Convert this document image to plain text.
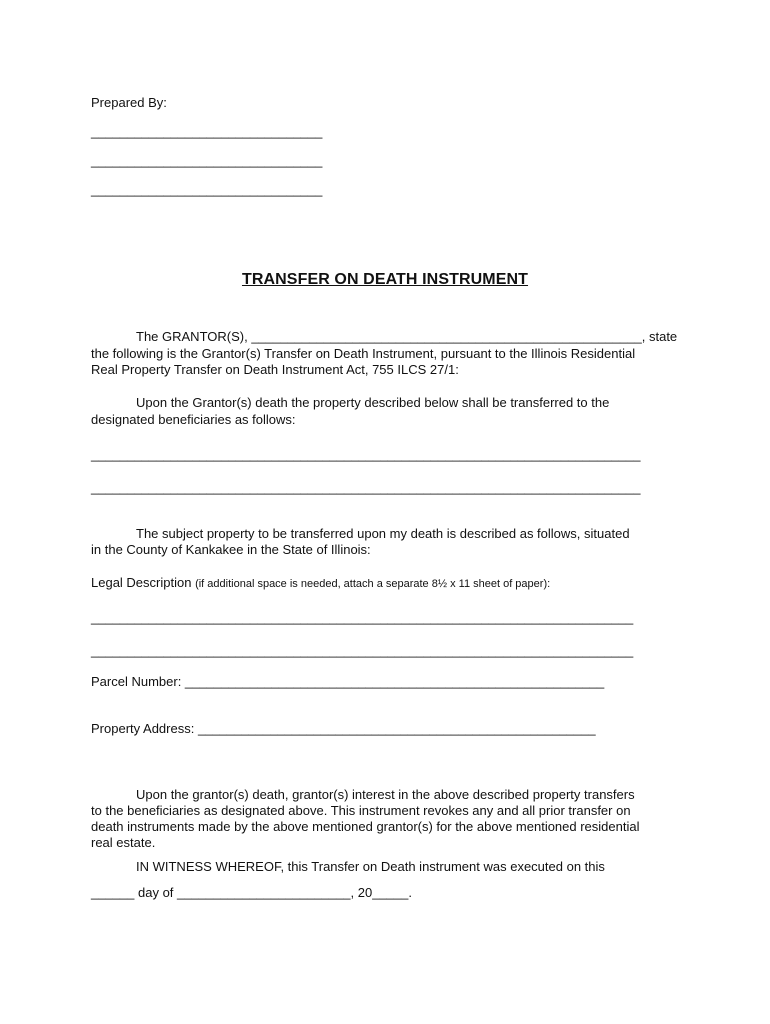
Prepared By:
________________________________
________________________________
________________________________
TRANSFER ON DEATH INSTRUMENT
The GRANTOR(S), ______________________________________________________, state
the following is the Grantor(s) Transfer on Death Instrument, pursuant to the Illinois Residential
Real Property Transfer on Death Instrument Act, 755 ILCS 27/1:
Upon the Grantor(s) death the property described below shall be transferred to the
designated beneficiaries as follows:
____________________________________________________________________________
____________________________________________________________________________
The subject property to be transferred upon my death is described as follows, situated
in the County of Kankakee in the State of Illinois:
Legal Description (if additional space is needed, attach a separate 8½ x 11 sheet of paper):
___________________________________________________________________________
___________________________________________________________________________
Parcel Number: __________________________________________________________
Property Address: _______________________________________________________
Upon the grantor(s) death, grantor(s) interest in the above described property transfers
to the beneficiaries as designated above. This instrument revokes any and all prior transfer on
death instruments made by the above mentioned grantor(s) for the above mentioned residential
real estate.
IN WITNESS WHEREOF, this Transfer on Death instrument was executed on this
______ day of ________________________, 20_____.
